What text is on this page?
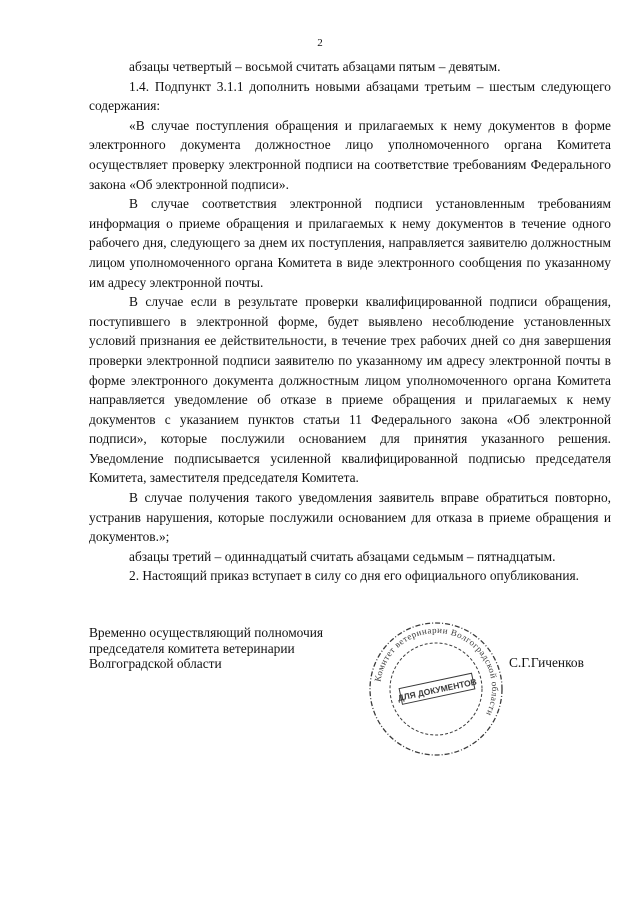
2

абзацы четвертый – восьмой считать абзацами пятым – девятым.

1.4. Подпункт 3.1.1 дополнить новыми абзацами третьим – шестым следующего содержания:

«В случае поступления обращения и прилагаемых к нему документов в форме электронного документа должностное лицо уполномоченного органа Комитета осуществляет проверку электронной подписи на соответствие требованиям Федерального закона «Об электронной подписи».

В случае соответствия электронной подписи установленным требованиям информация о приеме обращения и прилагаемых к нему документов в течение одного рабочего дня, следующего за днем их поступления, направляется заявителю должностным лицом уполномоченного органа Комитета в виде электронного сообщения по указанному им адресу электронной почты.

В случае если в результате проверки квалифицированной подписи обращения, поступившего в электронной форме, будет выявлено несоблюдение установленных условий признания ее действительности, в течение трех рабочих дней со дня завершения проверки электронной подписи заявителю по указанному им адресу электронной почты в форме электронного документа должностным лицом уполномоченного органа Комитета направляется уведомление об отказе в приеме обращения и прилагаемых к нему документов с указанием пунктов статьи 11 Федерального закона «Об электронной подписи», которые послужили основанием для принятия указанного решения. Уведомление подписывается усиленной квалифицированной подписью председателя Комитета, заместителя председателя Комитета.

В случае получения такого уведомления заявитель вправе обратиться повторно, устранив нарушения, которые послужили основанием для отказа в приеме обращения и документов.»;

абзацы третий – одиннадцатый считать абзацами седьмым – пятнадцатым.

2. Настоящий приказ вступает в силу со дня его официального опубликования.

Временно осуществляющий полномочия
председателя комитета ветеринарии
Волгоградской области
Комитет ветеринарии Волгоградской области
ДЛЯ ДОКУМЕНТОВ
С.Г.Гиченков
